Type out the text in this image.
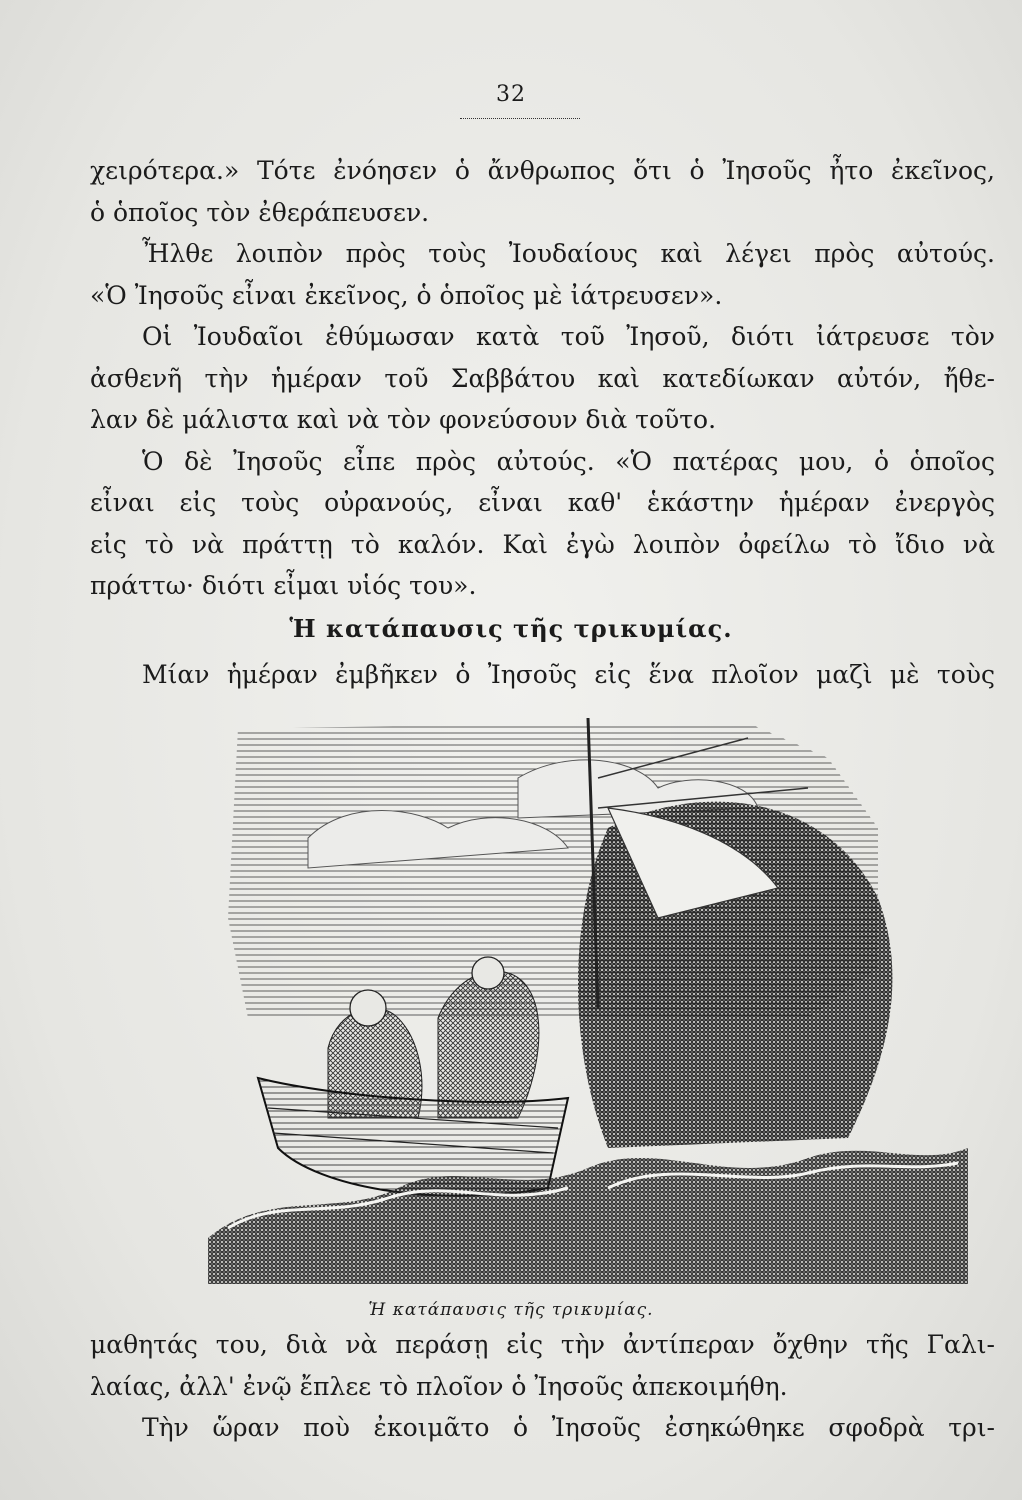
32
χειρότερα.» Τότε ἐνόησεν ὁ ἄνθρωπος ὅτι ὁ Ἰησοῦς ἦτο ἐκεῖνος,
ὁ ὁποῖος τὸν ἐθεράπευσεν.
Ἦλθε λοιπὸν πρὸς τοὺς Ἰουδαίους καὶ λέγει πρὸς αὐτούς.
«Ὁ Ἰησοῦς εἶναι ἐκεῖνος, ὁ ὁποῖος μὲ ἰάτρευσεν».
Οἱ Ἰουδαῖοι ἐθύμωσαν κατὰ τοῦ Ἰησοῦ, διότι ἰάτρευσε τὸν
ἀσθενῆ τὴν ἡμέραν τοῦ Σαββάτου καὶ κατεδίωκαν αὐτόν, ἤθε-
λαν δὲ μάλιστα καὶ νὰ τὸν φονεύσουν διὰ τοῦτο.
Ὁ δὲ Ἰησοῦς εἶπε πρὸς αὐτούς. «Ὁ πατέρας μου, ὁ ὁποῖος
εἶναι εἰς τοὺς οὐρανούς, εἶναι καθ' ἑκάστην ἡμέραν ἐνεργὸς
εἰς τὸ νὰ πράττῃ τὸ καλόν. Καὶ ἐγὼ λοιπὸν ὀφείλω τὸ ἴδιο νὰ
πράττω· διότι εἶμαι υἱός του».
Ἡ κατάπαυσις τῆς τρικυμίας.
Μίαν ἡμέραν ἐμβῆκεν ὁ Ἰησοῦς εἰς ἕνα πλοῖον μαζὶ μὲ τοὺς
Ἡ κατάπαυσις τῆς τρικυμίας.
μαθητάς του, διὰ νὰ περάσῃ εἰς τὴν ἀντίπεραν ὄχθην τῆς Γαλι-
λαίας, ἀλλ' ἐνῷ ἔπλεε τὸ πλοῖον ὁ Ἰησοῦς ἀπεκοιμήθη.
Τὴν ὥραν ποὺ ἐκοιμᾶτο ὁ Ἰησοῦς ἐσηκώθηκε σφοδρὰ τρι-
